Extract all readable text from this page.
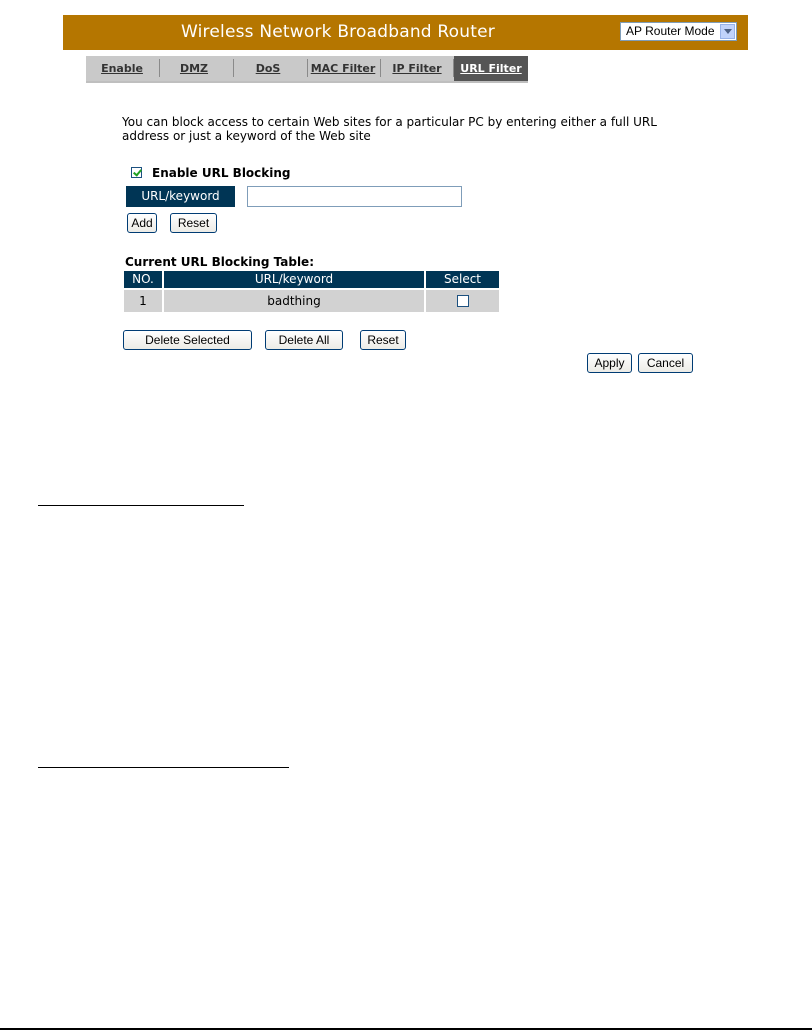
Wireless Network Broadband Router	AP Router Mode
Enable	DMZ	DoS	MAC Filter	IP Filter	URL Filter
You can block access to certain Web sites for a particular PC by entering either a full URL address or just a keyword of the Web site
Enable URL Blocking
URL/keyword
Add	Reset
Current URL Blocking Table:
NO.	URL/keyword	Select
1	badthing
Delete Selected	Delete All	Reset
Apply	Cancel
